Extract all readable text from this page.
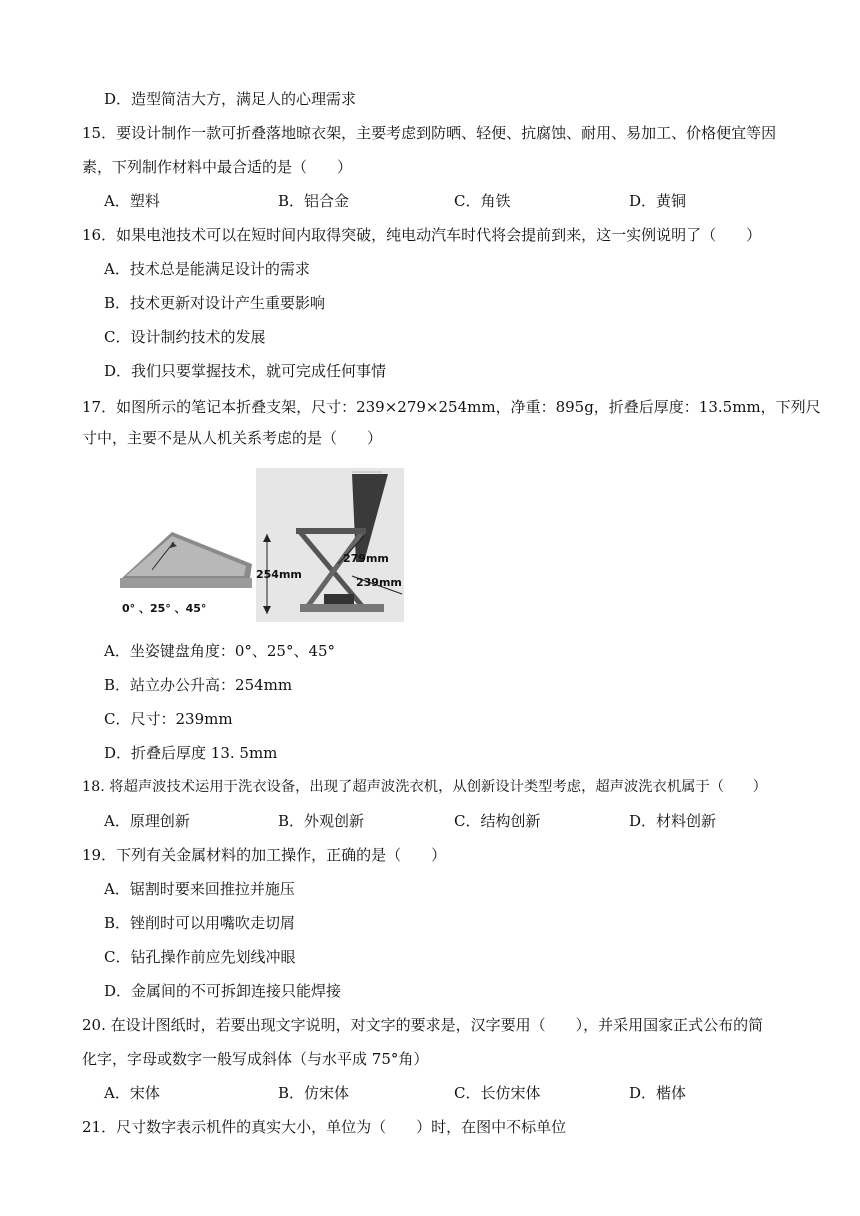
D．造型简洁大方，满足人的心理需求
15．要设计制作一款可折叠落地晾衣架，主要考虑到防晒、轻便、抗腐蚀、耐用、易加工、价格便宜等因
素，下列制作材料中最合适的是（　　）
A．塑料	B．铝合金	C．角铁	D．黄铜
16．如果电池技术可以在短时间内取得突破，纯电动汽车时代将会提前到来，这一实例说明了（　　）
A．技术总是能满足设计的需求
B．技术更新对设计产生重要影响
C．设计制约技术的发展
D．我们只要掌握技术，就可完成任何事情
17．如图所示的笔记本折叠支架，尺寸：239×279×254mm，净重：895g，折叠后厚度：13.5mm，下列尺
寸中，主要不是从人机关系考虑的是（　　）
0° 、25° 、45°
254mm
279mm
239mm
A．坐姿键盘角度：0°、25°、45°
B．站立办公升高：254mm
C．尺寸：239mm
D．折叠后厚度 13. 5mm
18. 将超声波技术运用于洗衣设备，出现了超声波洗衣机，从创新设计类型考虑，超声波洗衣机属于（　　）
A．原理创新	B．外观创新	C．结构创新	D．材料创新
19．下列有关金属材料的加工操作，正确的是（　　）
A．锯割时要来回推拉并施压
B．锉削时可以用嘴吹走切屑
C．钻孔操作前应先划线冲眼
D．金属间的不可拆卸连接只能焊接
20. 在设计图纸时，若要出现文字说明，对文字的要求是，汉字要用（　　），并采用国家正式公布的简
化字，字母或数字一般写成斜体（与水平成 75°角）
A．宋体	B．仿宋体	C．长仿宋体	D．楷体
21．尺寸数字表示机件的真实大小，单位为（　　）时，在图中不标单位
